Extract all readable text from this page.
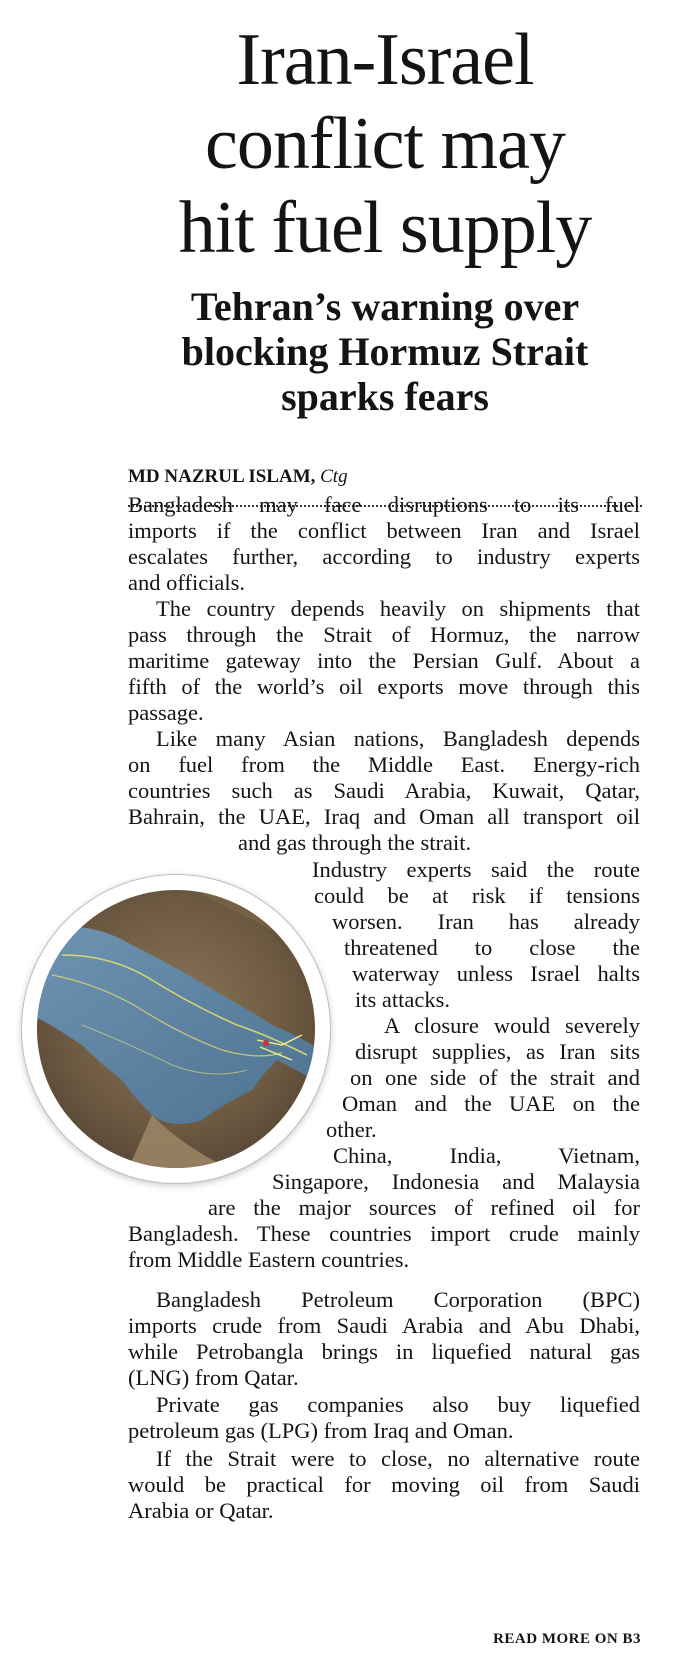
Iran-Israel
conflict may
hit fuel supply
Tehran’s warning over
blocking Hormuz Strait
sparks fears
MD NAZRUL ISLAM, Ctg
Bangladesh may face disruptions to its fuel
imports if the conflict between Iran and Israel
escalates further, according to industry experts
and officials.
The country depends heavily on shipments that
pass through the Strait of Hormuz, the narrow
maritime gateway into the Persian Gulf. About a
fifth of the world’s oil exports move through this
passage.
Like many Asian nations, Bangladesh depends
on fuel from the Middle East. Energy-rich
countries such as Saudi Arabia, Kuwait, Qatar,
Bahrain, the UAE, Iraq and Oman all transport oil
and gas through the strait.
Industry experts said the route
could be at risk if tensions
worsen. Iran has already
threatened to close the
waterway unless Israel halts
its attacks.
A closure would severely
disrupt supplies, as Iran sits
on one side of the strait and
Oman and the UAE on the
other.
China, India, Vietnam,
Singapore, Indonesia and Malaysia
are the major sources of refined oil for
Bangladesh. These countries import crude mainly
from Middle Eastern countries.
Bangladesh Petroleum Corporation (BPC)
imports crude from Saudi Arabia and Abu Dhabi,
while Petrobangla brings in liquefied natural gas
(LNG) from Qatar.
Private gas companies also buy liquefied
petroleum gas (LPG) from Iraq and Oman.
If the Strait were to close, no alternative route
would be practical for moving oil from Saudi
Arabia or Qatar.
READ MORE ON B3
